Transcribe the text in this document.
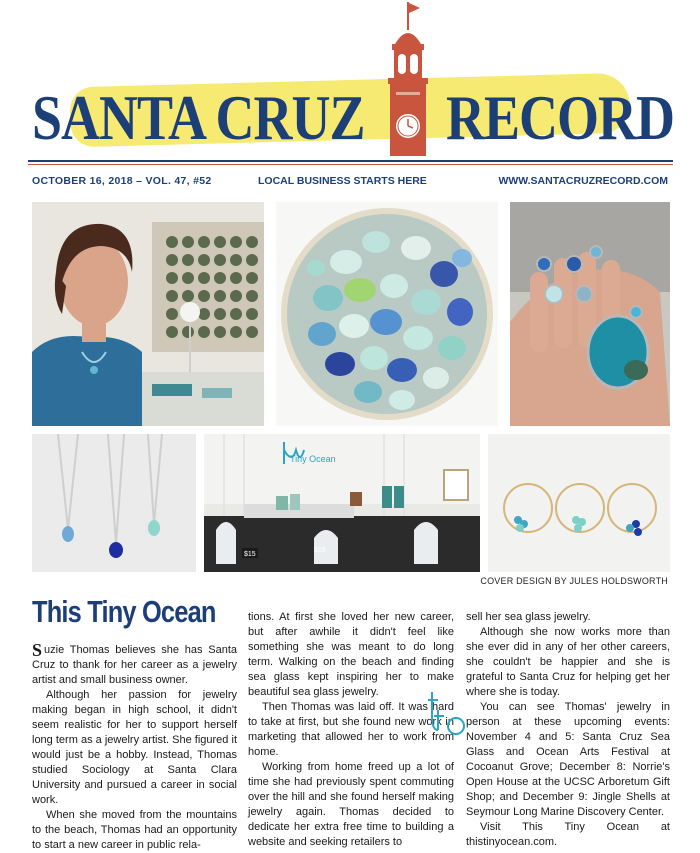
SANTA CRUZ RECORD
OCTOBER 16, 2018 – VOL. 47, #52	LOCAL BUSINESS STARTS HERE	WWW.SANTACRUZRECORD.COM
Tiny Ocean
$15
$15
COVER DESIGN BY JULES HOLDSWORTH
This Tiny Ocean

Suzie Thomas believes she has Santa Cruz to thank for her career as a jewelry artist and small business owner.

Although her passion for jewelry making began in high school, it didn't seem realistic for her to support herself long term as a jewelry artist. She figured it would just be a hobby. Instead, Thomas studied Sociology at Santa Clara University and pursued a career in social work.

When she moved from the mountains to the beach, Thomas had an opportunity to start a new career in public rela-

tions. At first she loved her new career, but after awhile it didn't feel like something she was meant to do long term. Walking on the beach and finding sea glass kept inspiring her to make beautiful sea glass jewelry.

Then Thomas was laid off. It was hard to take at first, but she found new work in marketing that allowed her to work from home.

Working from home freed up a lot of time she had previously spent commuting over the hill and she found herself making jewelry again. Thomas decided to dedicate her extra free time to building a website and seeking retailers to

sell her sea glass jewelry.

Although she now works more than she ever did in any of her other careers, she couldn't be happier and she is grateful to Santa Cruz for helping get her where she is today.

You can see Thomas' jewelry in person at these upcoming events: November 4 and 5: Santa Cruz Sea Glass and Ocean Arts Festival at Cocoanut Grove; December 8: Norrie's Open House at the UCSC Arboretum Gift Shop; and December 9: Jingle Shells at Seymour Long Marine Discovery Center.

Visit This Tiny Ocean at thistinyocean.com.
